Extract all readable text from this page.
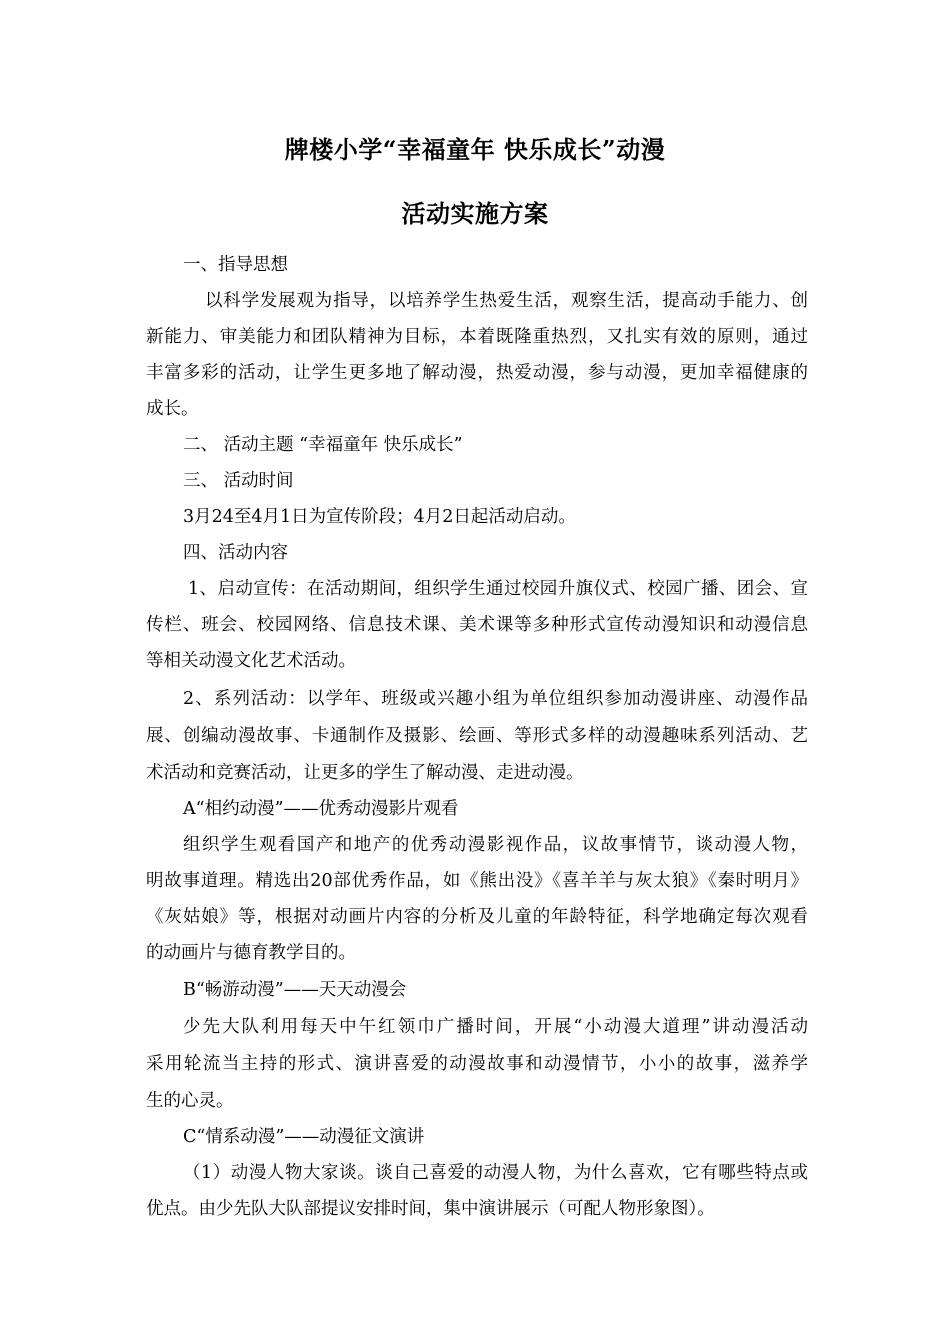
牌楼小学“幸福童年 快乐成长”动漫
活动实施方案
一、指导思想
以科学发展观为指导，以培养学生热爱生活，观察生活，提高动手能力、创
新能力、审美能力和团队精神为目标，本着既隆重热烈，又扎实有效的原则，通过
丰富多彩的活动，让学生更多地了解动漫，热爱动漫，参与动漫，更加幸福健康的
成长。
二、 活动主题 “幸福童年 快乐成长”
三、 活动时间
3月24至4月1日为宣传阶段；4月2日起活动启动。
四、活动内容
1、启动宣传：在活动期间，组织学生通过校园升旗仪式、校园广播、团会、宣
传栏、班会、校园网络、信息技术课、美术课等多种形式宣传动漫知识和动漫信息
等相关动漫文化艺术活动。
2、系列活动：以学年、班级或兴趣小组为单位组织参加动漫讲座、动漫作品
展、创编动漫故事、卡通制作及摄影、绘画、等形式多样的动漫趣味系列活动、艺
术活动和竞赛活动，让更多的学生了解动漫、走进动漫。
A“相约动漫”——优秀动漫影片观看
组织学生观看国产和地产的优秀动漫影视作品，议故事情节，谈动漫人物，
明故事道理。精选出20部优秀作品，如《熊出没》《喜羊羊与灰太狼》《秦时明月》
《灰姑娘》等，根据对动画片内容的分析及儿童的年龄特征，科学地确定每次观看
的动画片与德育教学目的。
B“畅游动漫”——天天动漫会
少先大队利用每天中午红领巾广播时间，开展“小动漫大道理”讲动漫活动
采用轮流当主持的形式、演讲喜爱的动漫故事和动漫情节，小小的故事，滋养学
生的心灵。
C“情系动漫”——动漫征文演讲
（1）动漫人物大家谈。谈自己喜爱的动漫人物，为什么喜欢，它有哪些特点或
优点。由少先队大队部提议安排时间，集中演讲展示（可配人物形象图）。
